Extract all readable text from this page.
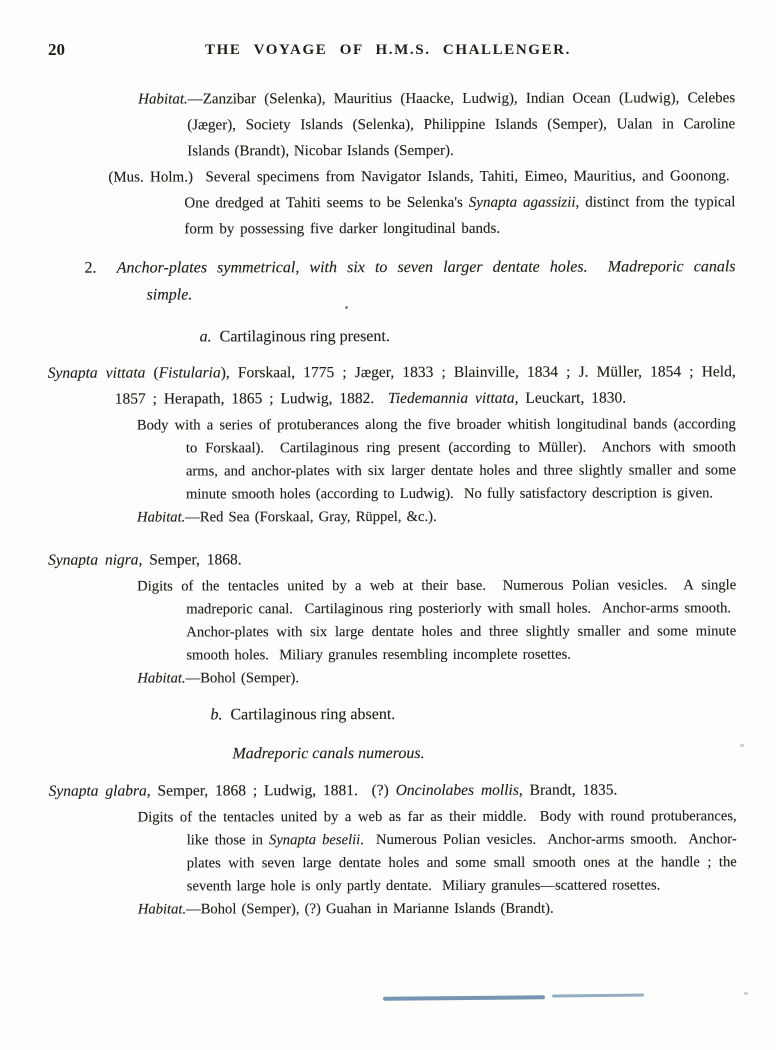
20	THE VOYAGE OF H.M.S. CHALLENGER.

Habitat.—Zanzibar (Selenka), Mauritius (Haacke, Ludwig), Indian Ocean (Ludwig), Celebes (Jæger), Society Islands (Selenka), Philippine Islands (Semper), Ualan in Caroline Islands (Brandt), Nicobar Islands (Semper).

(Mus. Holm.)  Several specimens from Navigator Islands, Tahiti, Eimeo, Mauritius, and Goonong.  One dredged at Tahiti seems to be Selenka's Synapta agassizii, distinct from the typical form by possessing five darker longitudinal bands.

2.  Anchor-plates symmetrical, with six to seven larger dentate holes.  Madreporic canals simple.

a.  Cartilaginous ring present.

Synapta vittata (Fistularia), Forskaal, 1775 ; Jæger, 1833 ; Blainville, 1834 ; J. Müller, 1854 ; Held, 1857 ; Herapath, 1865 ; Ludwig, 1882.  Tiedemannia vittata, Leuckart, 1830.

Body with a series of protuberances along the five broader whitish longitudinal bands (according to Forskaal).  Cartilaginous ring present (according to Müller).  Anchors with smooth arms, and anchor-plates with six larger dentate holes and three slightly smaller and some minute smooth holes (according to Ludwig).  No fully satisfactory description is given.

Habitat.—Red Sea (Forskaal, Gray, Rüppel, &c.).

Synapta nigra, Semper, 1868.

Digits of the tentacles united by a web at their base.  Numerous Polian vesicles.  A single madreporic canal.  Cartilaginous ring posteriorly with small holes.  Anchor-arms smooth.  Anchor-plates with six large dentate holes and three slightly smaller and some minute smooth holes.  Miliary granules resembling incomplete rosettes.

Habitat.—Bohol (Semper).

b.  Cartilaginous ring absent.

Madreporic canals numerous.

Synapta glabra, Semper, 1868 ; Ludwig, 1881.  (?) Oncinolabes mollis, Brandt, 1835.

Digits of the tentacles united by a web as far as their middle.  Body with round protuberances, like those in Synapta beselii.  Numerous Polian vesicles.  Anchor-arms smooth.  Anchor-plates with seven large dentate holes and some small smooth ones at the handle ; the seventh large hole is only partly dentate.  Miliary granules—scattered rosettes.

Habitat.—Bohol (Semper), (?) Guahan in Marianne Islands (Brandt).
